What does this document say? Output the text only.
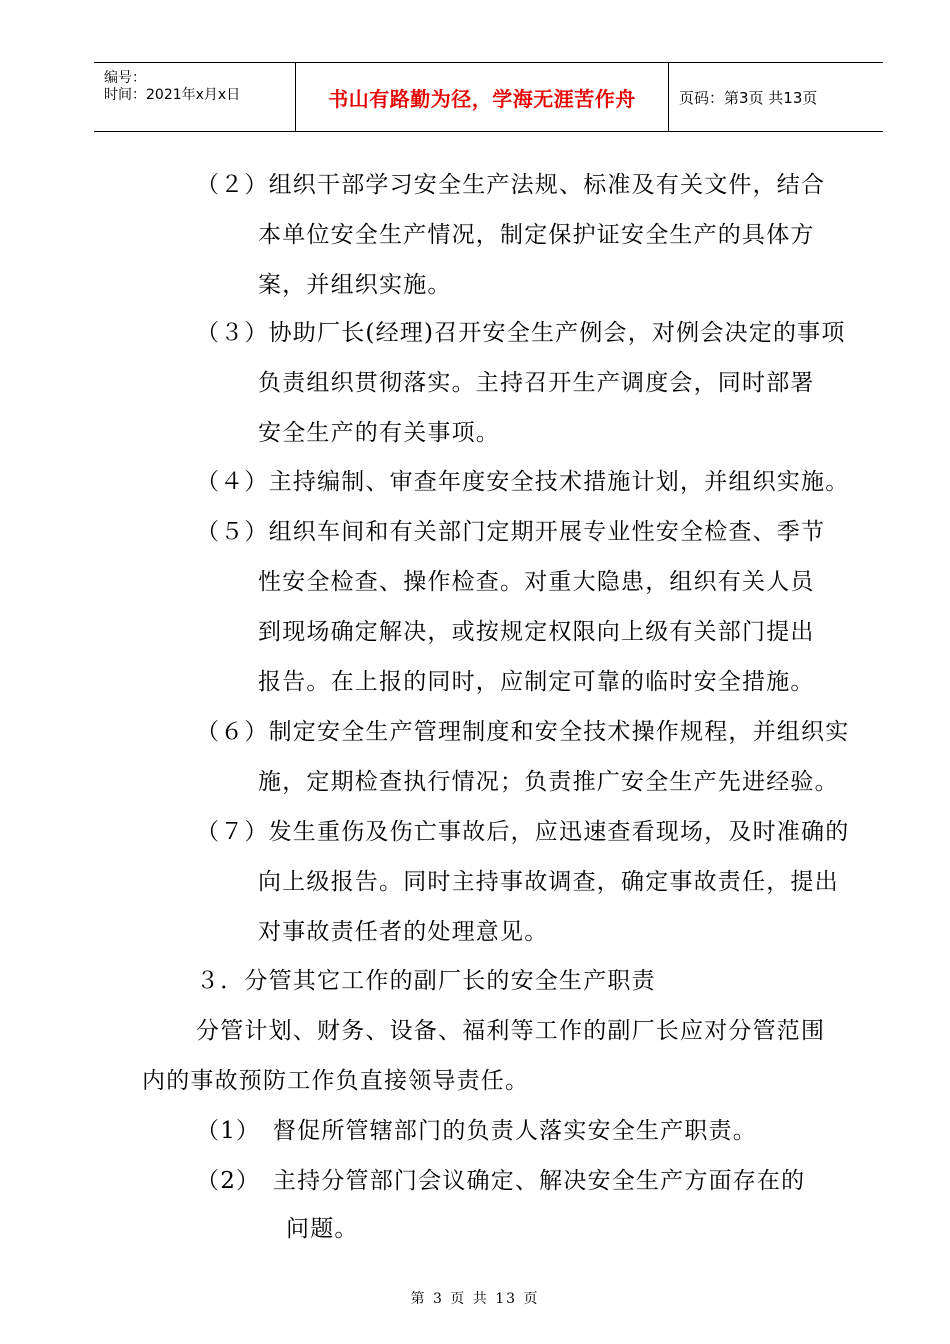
编号：
时间：2021年x月x日	书山有路勤为径，学海无涯苦作舟	页码：第3页 共13页
（２）组织干部学习安全生产法规、标准及有关文件，结合
本单位安全生产情况，制定保护证安全生产的具体方
案，并组织实施。
（３）协助厂长(经理)召开安全生产例会，对例会决定的事项
负责组织贯彻落实。主持召开生产调度会，同时部署
安全生产的有关事项。
（４）主持编制、审查年度安全技术措施计划，并组织实施。
（５）组织车间和有关部门定期开展专业性安全检查、季节
性安全检查、操作检查。对重大隐患，组织有关人员
到现场确定解决，或按规定权限向上级有关部门提出
报告。在上报的同时，应制定可靠的临时安全措施。
（６）制定安全生产管理制度和安全技术操作规程，并组织实
施，定期检查执行情况；负责推广安全生产先进经验。
（７）发生重伤及伤亡事故后，应迅速查看现场，及时准确的
向上级报告。同时主持事故调查，确定事故责任，提出
对事故责任者的处理意见。
３．分管其它工作的副厂长的安全生产职责
分管计划、财务、设备、福利等工作的副厂长应对分管范围
内的事故预防工作负直接领导责任。
（1）　督促所管辖部门的负责人落实安全生产职责。
（2）　主持分管部门会议确定、解决安全生产方面存在的
问题。
第 3 页 共 13 页
